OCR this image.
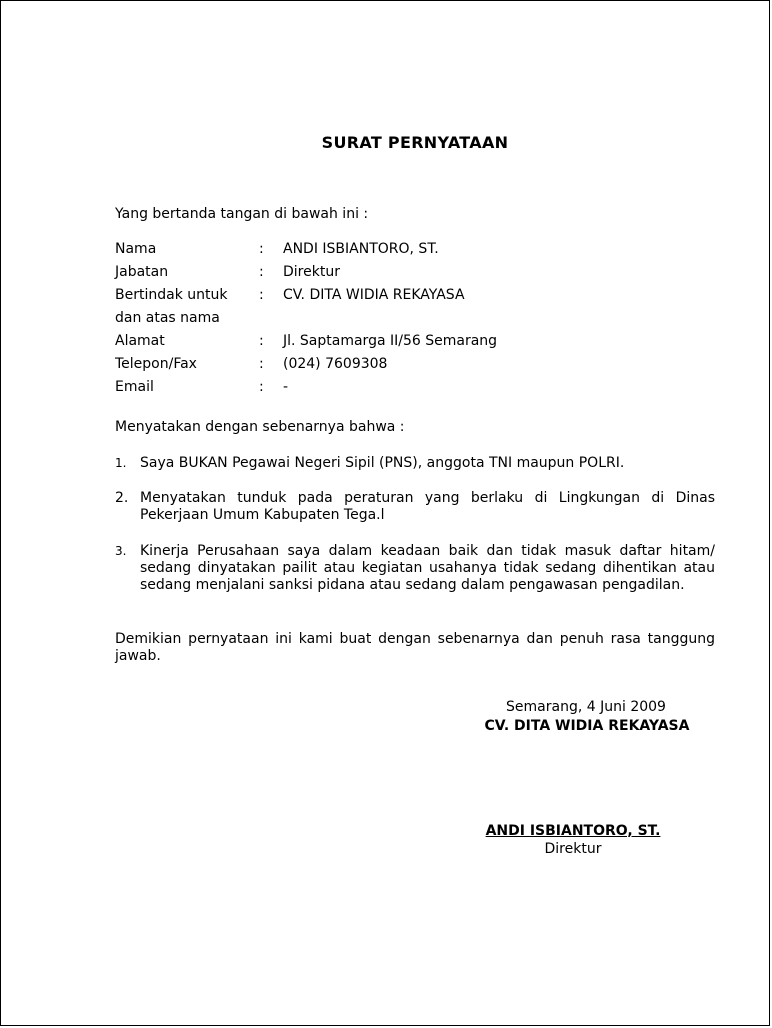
SURAT PERNYATAAN
Yang bertanda tangan di bawah ini :
Nama	: ANDI ISBIANTORO, ST.
Jabatan	: Direktur
Bertindak untuk : CV. DITA WIDIA REKAYASA
dan atas nama
Alamat	: Jl. Saptamarga II/56 Semarang
Telepon/Fax	: (024) 7609308
Email	: -
Menyatakan dengan sebenarnya bahwa :
1. Saya BUKAN Pegawai Negeri Sipil (PNS), anggota TNI maupun POLRI.
2. Menyatakan tunduk pada peraturan yang berlaku di Lingkungan di Dinas Pekerjaan Umum Kabupaten Tega.l
3. Kinerja Perusahaan saya dalam keadaan baik dan tidak masuk daftar hitam/ sedang dinyatakan pailit atau kegiatan usahanya tidak sedang dihentikan atau sedang menjalani sanksi pidana atau sedang dalam pengawasan pengadilan.
Demikian pernyataan ini kami buat dengan sebenarnya dan penuh rasa tanggung jawab.
Semarang, 4 Juni 2009
CV. DITA WIDIA REKAYASA
ANDI ISBIANTORO, ST.
Direktur
